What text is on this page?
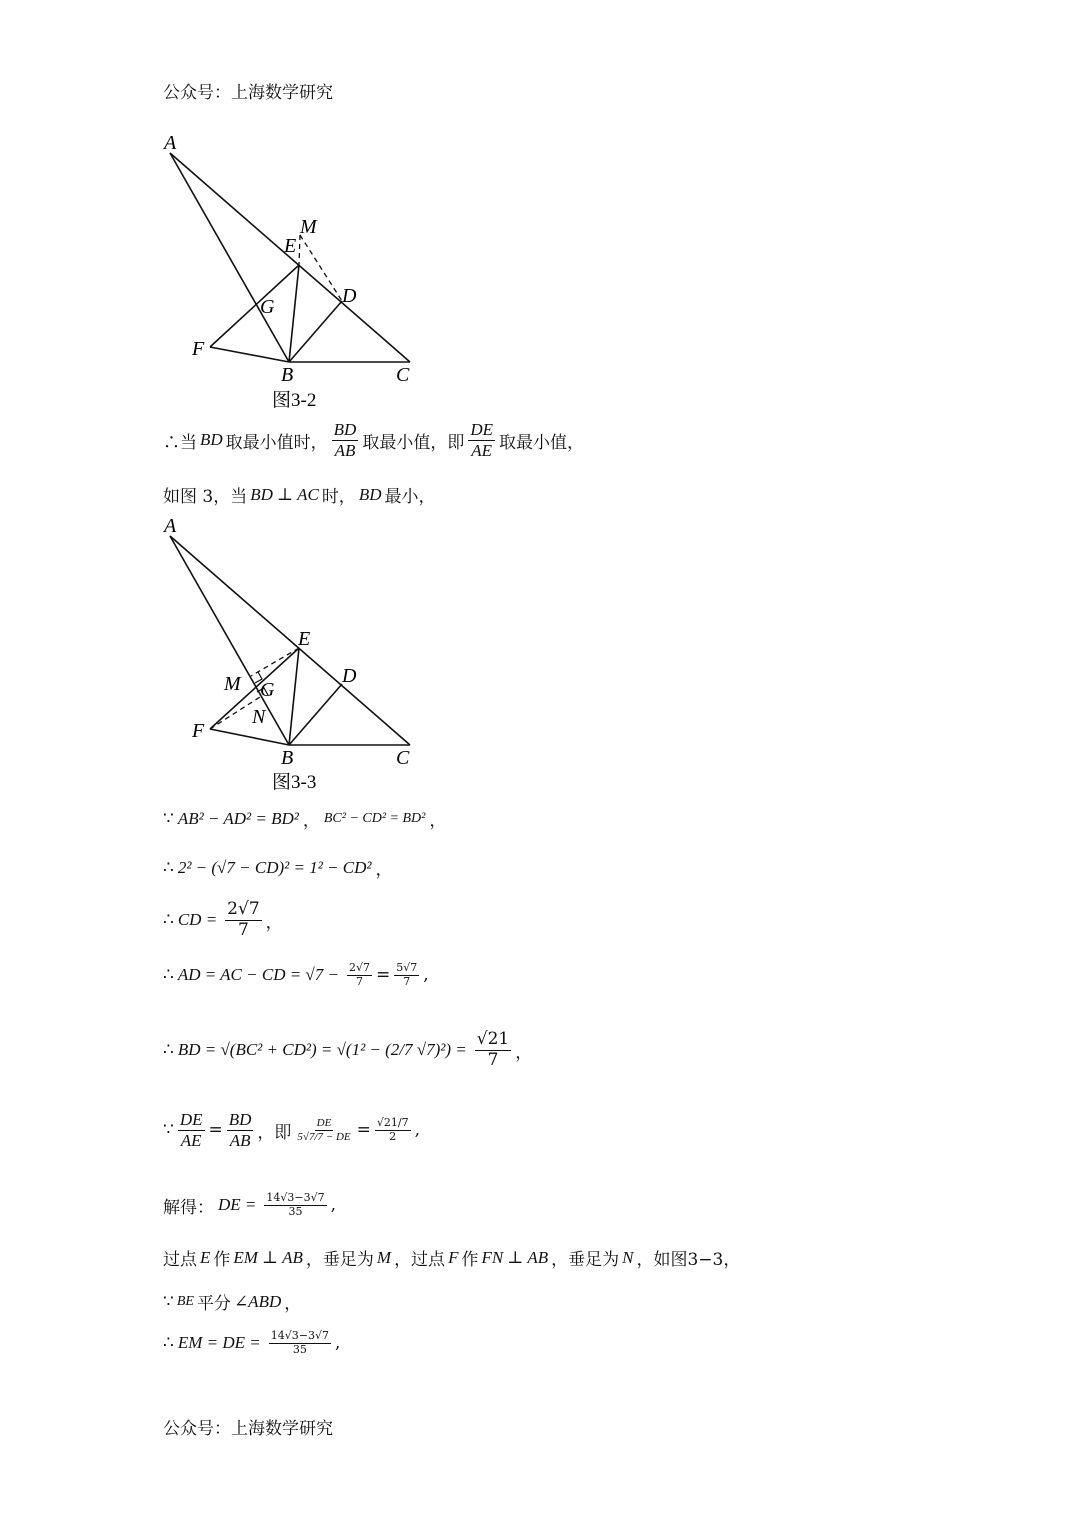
公众号：上海数学研究
A
M
E
G	D
F
B	C
图3-2
∴当 BD 取最小值时， $\frac{BD}{AB}$ 取最小值，即 $\frac{DE}{AE}$ 取最小值，
如图 3，当 BD ⊥ AC 时， BD 最小，
A
E
M G
D
N
F
B	C
图3-3
∵ AB² − AD² = BD² ， BC² − CD² = BD² ，
∴ 2² − (√7 − CD)² = 1² − CD² ，
∴ CD = $\frac{2√7}{7}$ ，
∴ AD = AC − CD = $√7 - \frac{2√7}{7} = \frac{5√7}{7}$ ,
∴ BD = √(BC² + CD²) = √(1² − (2/7 $√7)^2) = \frac{√21}{7}$ ，
∵ $\frac{DE}{AE} = \frac{BD}{AB}$ ，即 $\frac{DE}{5√7/7 - DE} = \frac{√21/7}{2}$ ,
解得： DE = $\frac{14√3-3√7}{35}$ ,
过点 E 作 EM ⊥ AB ，垂足为 M ，过点 F 作 FN ⊥ AB ，垂足为 N ，如图3−3，
∵ BE 平分 ∠ABD ，
∴ EM = DE = $\frac{14√3-3√7}{35}$ ,
公众号：上海数学研究
